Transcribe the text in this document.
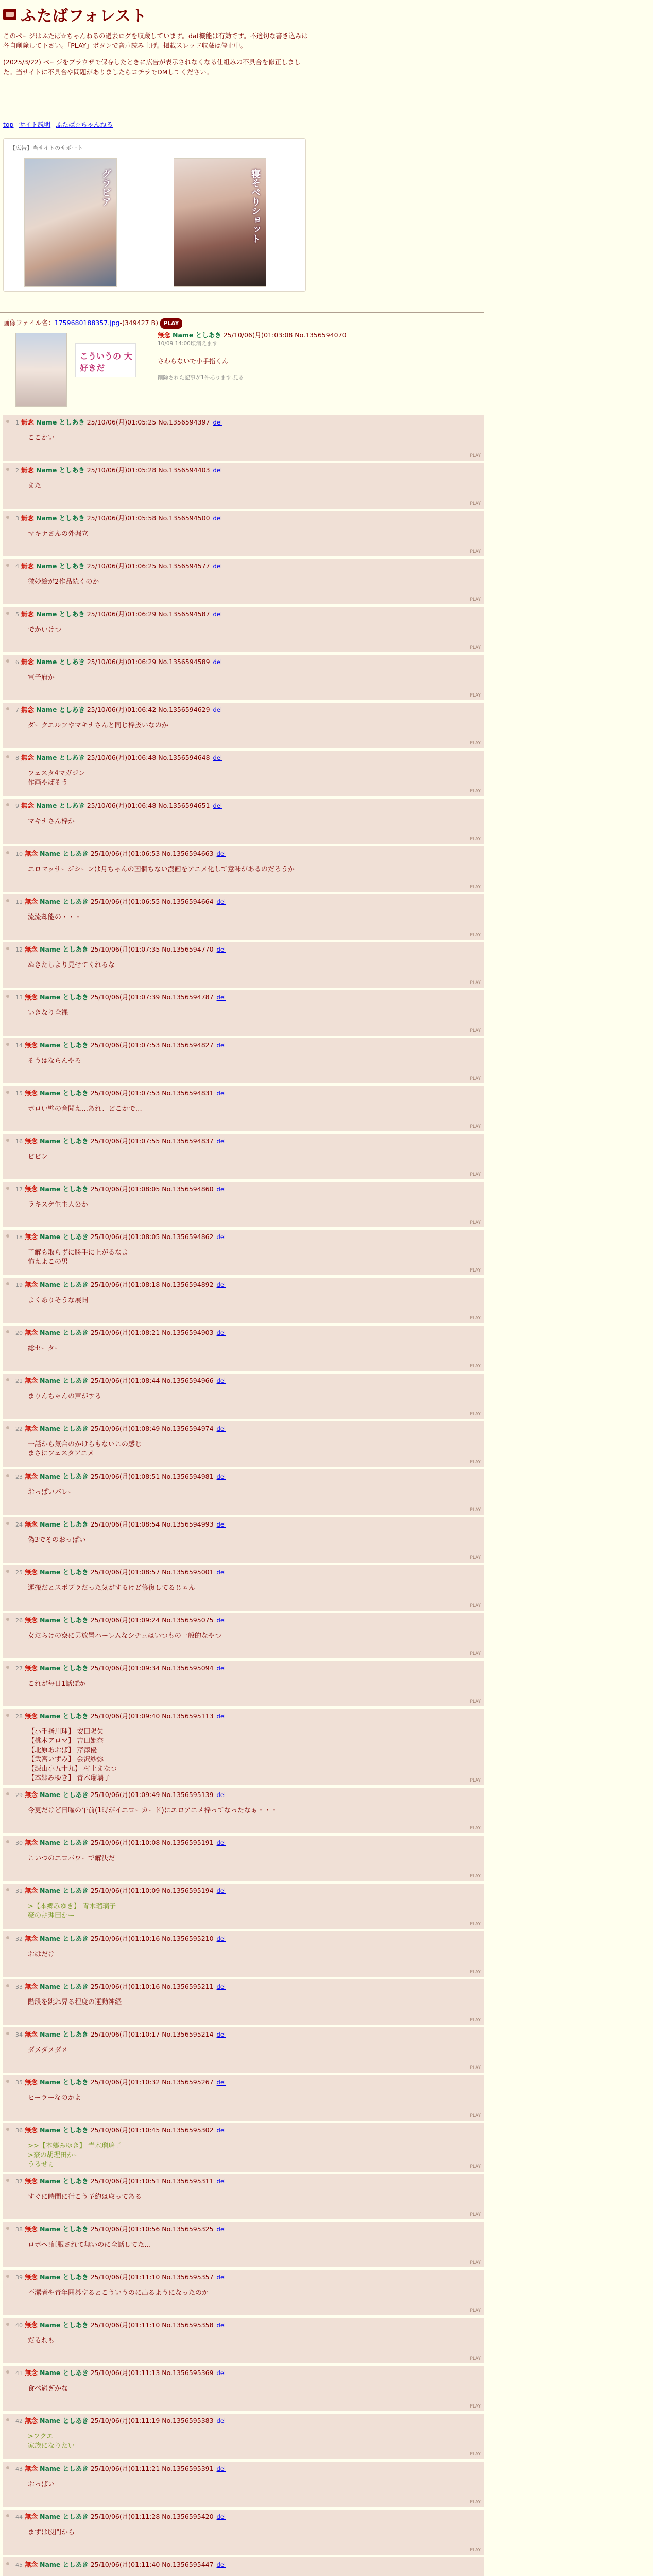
ふたばフォレスト

このページはふたば☆ちゃんねるの過去ログを収蔵しています。dat機能は有効です。不適切な書き込みは各自削除して下さい。「PLAY」ボタンで音声読み上げ。掲載スレッド収蔵は停止中。

(2025/3/22) ページをブラウザで保存したときに広告が表示されなくなる仕組みの不具合を修正しました。当サイトに不具合や問題がありましたらコチラでDMしてください。

top サイト説明 ふたば☆ちゃんねる
【広告】当サイトのサポート
グラビア	寝そべりショット
画像ファイル名：1759680188357.jpg-(349427 B) PLAY
こういうの 大好きだ
無念 Name としあき 25/10/06(月)01:03:08 No.1356594070
10/09 14:00頃消えます
さわらないで小手指くん
削除された記事が1件あります.見る
1 無念 Name としあき 25/10/06(月)01:05:25 No.1356594397 del
ここかい
PLAY
2 無念 Name としあき 25/10/06(月)01:05:28 No.1356594403 del
また
PLAY
3 無念 Name としあき 25/10/06(月)01:05:58 No.1356594500 del
マキナさんの外堀立
PLAY
4 無念 Name としあき 25/10/06(月)01:06:25 No.1356594577 del
微妙絵が2作品続くのか
PLAY
5 無念 Name としあき 25/10/06(月)01:06:29 No.1356594587 del
でかいけつ
PLAY
6 無念 Name としあき 25/10/06(月)01:06:29 No.1356594589 del
電子府か
PLAY
7 無念 Name としあき 25/10/06(月)01:06:42 No.1356594629 del
ダークエルフやマキナさんと同じ枠扱いなのか
PLAY
8 無念 Name としあき 25/10/06(月)01:06:48 No.1356594648 del
フェスタ4マガジン
作画やばそう
PLAY
9 無念 Name としあき 25/10/06(月)01:06:48 No.1356594651 del
マキナさん枠か
PLAY
10 無念 Name としあき 25/10/06(月)01:06:53 No.1356594663 del
エロマッサージシーンは月ちゃんの画個ちない漫画をアニメ化して意味があるのだろうか
PLAY
11 無念 Name としあき 25/10/06(月)01:06:55 No.1356594664 del
流流却能の・・・
PLAY
12 無念 Name としあき 25/10/06(月)01:07:35 No.1356594770 del
ぬきたしより見せてくれるな
PLAY
13 無念 Name としあき 25/10/06(月)01:07:39 No.1356594787 del
いきなり全裸
PLAY
14 無念 Name としあき 25/10/06(月)01:07:53 No.1356594827 del
そうはならんやろ
PLAY
15 無念 Name としあき 25/10/06(月)01:07:53 No.1356594831 del
ボロい壁の音聞え…あれ、どこかで…
PLAY
16 無念 Name としあき 25/10/06(月)01:07:55 No.1356594837 del
ビビン
PLAY
17 無念 Name としあき 25/10/06(月)01:08:05 No.1356594860 del
ラキスケ生主人公か
PLAY
18 無念 Name としあき 25/10/06(月)01:08:05 No.1356594862 del
了解も取らずに勝手に上がるなよ
怖えよこの男
PLAY
19 無念 Name としあき 25/10/06(月)01:08:18 No.1356594892 del
よくありそうな展開
PLAY
20 無念 Name としあき 25/10/06(月)01:08:21 No.1356594903 del
総セーター
PLAY
21 無念 Name としあき 25/10/06(月)01:08:44 No.1356594966 del
まりんちゃんの声がする
PLAY
22 無念 Name としあき 25/10/06(月)01:08:49 No.1356594974 del
一話から気合のかけらもないこの感じ
まさにフェスタアニメ
PLAY
23 無念 Name としあき 25/10/06(月)01:08:51 No.1356594981 del
おっぱいバレー
PLAY
24 無念 Name としあき 25/10/06(月)01:08:54 No.1356594993 del
偽3でそのおっぱい
PLAY
25 無念 Name としあき 25/10/06(月)01:08:57 No.1356595001 del
運搬だとスポブラだった気がするけど修復してるじゃん
PLAY
26 無念 Name としあき 25/10/06(月)01:09:24 No.1356595075 del
女だらけの寮に男放置ハーレムなシチュはいつもの一般的なやつ
PLAY
27 無念 Name としあき 25/10/06(月)01:09:34 No.1356595094 del
これが毎日1話ぽか
PLAY
28 無念 Name としあき 25/10/06(月)01:09:40 No.1356595113 del
【小手指川理】 安田陽矢
【桃木アロマ】 吉田姫奈
【北原あおば】 芹澤優
【弐宮いずみ】 会沢紗弥
【源山小五十九】 村上まなつ
【本郷みゆき】 青木瑠璃子	PLAY
29 無念 Name としあき 25/10/06(月)01:09:49 No.1356595139 del
今更だけど日曜の午前(1時がイエローカード)にエロアニメ枠ってなったなぁ・・・
PLAY
30 無念 Name としあき 25/10/06(月)01:10:08 No.1356595191 del
こいつのエロパワーで解決だ
PLAY
31 無念 Name としあき 25/10/06(月)01:10:09 No.1356595194 del
>【本郷みゆき】 青木瑠璃子
豪の胡理田かー
PLAY
32 無念 Name としあき 25/10/06(月)01:10:16 No.1356595210 del
おはだけ
PLAY
33 無念 Name としあき 25/10/06(月)01:10:16 No.1356595211 del
階段を跳ね昇る程度の運動神経
PLAY
34 無念 Name としあき 25/10/06(月)01:10:17 No.1356595214 del
ダメダメダメ
PLAY
35 無念 Name としあき 25/10/06(月)01:10:32 No.1356595267 del
ヒーラーなのかよ
PLAY
36 無念 Name としあき 25/10/06(月)01:10:45 No.1356595302 del
>>【本郷みゆき】 青木瑠璃子
>豪の胡理田かー
うるせぇ	PLAY
37 無念 Name としあき 25/10/06(月)01:10:51 No.1356595311 del
すぐに時間に行こう予約は取ってある
PLAY
38 無念 Name としあき 25/10/06(月)01:10:56 No.1356595325 del
ロボへ!征服されて無いのに全話してた…
PLAY
39 無念 Name としあき 25/10/06(月)01:11:10 No.1356595357 del
不潔者や青年囲碁するとこういうのに出るようになったのか
PLAY
40 無念 Name としあき 25/10/06(月)01:11:10 No.1356595358 del
だるれも
PLAY
41 無念 Name としあき 25/10/06(月)01:11:13 No.1356595369 del
食べ過ぎかな
PLAY
42 無念 Name としあき 25/10/06(月)01:11:19 No.1356595383 del
>フクエ
家族になりたい
PLAY
43 無念 Name としあき 25/10/06(月)01:11:21 No.1356595391 del
おっぱい
PLAY
44 無念 Name としあき 25/10/06(月)01:11:28 No.1356595420 del
まずは股間から
PLAY
45 無念 Name としあき 25/10/06(月)01:11:40 No.1356595447 del
